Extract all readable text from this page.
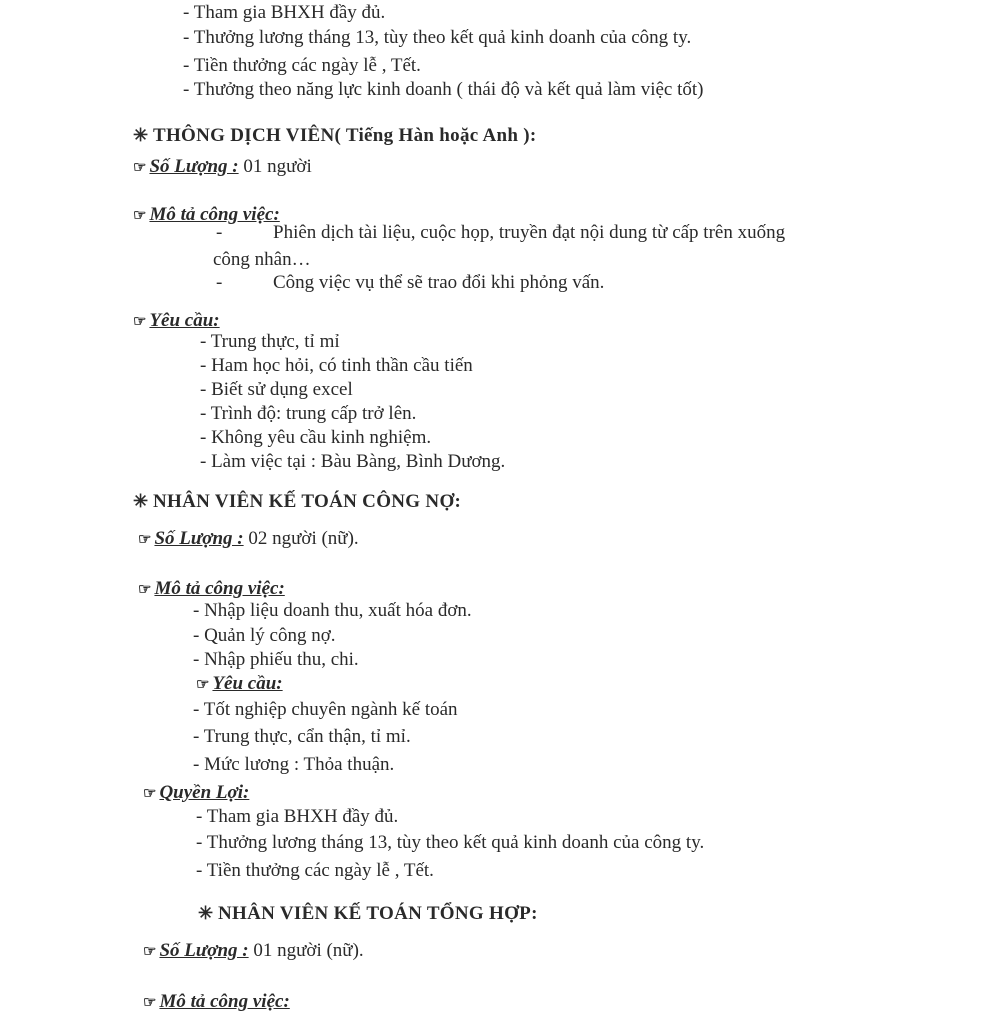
- Tham gia BHXH đầy đủ.
- Thưởng lương tháng 13, tùy theo kết quả kinh doanh của công ty.
- Tiền thưởng các ngày lễ , Tết.
- Thưởng theo năng lực kinh doanh ( thái độ và kết quả làm việc tốt)
✳ THÔNG DỊCH VIÊN( Tiếng Hàn hoặc Anh ):
☞ Số Lượng : 01 người
☞ Mô tả công việc:
-	Phiên dịch tài liệu, cuộc họp, truyền đạt nội dung từ cấp trên xuống
công nhân…
-	Công việc vụ thể sẽ trao đổi khi phỏng vấn.
☞ Yêu cầu:
- Trung thực, tỉ mỉ
- Ham học hỏi, có tinh thần cầu tiến
- Biết sử dụng excel
- Trình độ: trung cấp trở lên.
- Không yêu cầu kinh nghiệm.
- Làm việc tại : Bàu Bàng, Bình Dương.
✳ NHÂN VIÊN KẾ TOÁN CÔNG NỢ:
☞ Số Lượng : 02 người (nữ).
☞ Mô tả công việc:
- Nhập liệu doanh thu, xuất hóa đơn.
- Quản lý công nợ.
- Nhập phiếu thu, chi.
☞ Yêu cầu:
- Tốt nghiệp chuyên ngành kế toán
- Trung thực, cẩn thận, tỉ mỉ.
- Mức lương : Thỏa thuận.
☞ Quyền Lợi:
- Tham gia BHXH đầy đủ.
- Thưởng lương tháng 13, tùy theo kết quả kinh doanh của công ty.
- Tiền thưởng các ngày lễ , Tết.
✳ NHÂN VIÊN KẾ TOÁN TỔNG HỢP:
☞ Số Lượng : 01 người (nữ).
☞ Mô tả công việc:
